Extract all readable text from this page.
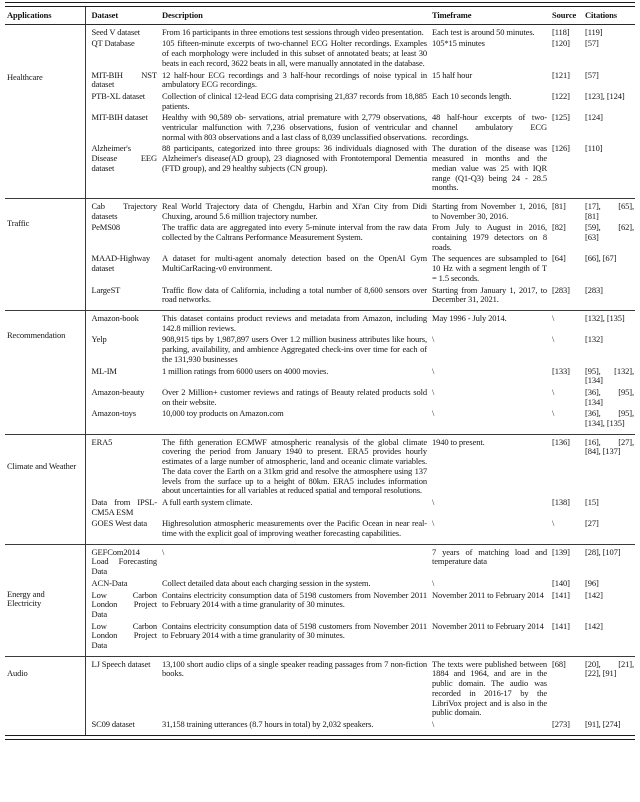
Applications	Dataset	Description	Timeframe	Source	Citations
Healthcare	Seed V dataset	From 16 participants in three emotions test sessions through video presentation.	Each test is around 50 minutes.	[118]	[119]
	QT Database	105 fifteen-minute excerpts of two-channel ECG Holter recordings. Examples of each morphology were included in this subset of annotated beats; at least 30 beats in each record, 3622 beats in all, were manually annotated in the database.	105*15 minutes	[120]	[57]
	MIT-BIH NST dataset	12 half-hour ECG recordings and 3 half-hour recordings of noise typical in ambulatory ECG recordings.	15 half hour	[121]	[57]
	PTB-XL dataset	Collection of clinical 12-lead ECG data comprising 21,837 records from 18,885 patients.	Each 10 seconds length.	[122]	[123], [124]
	MIT-BIH dataset	Healthy with 90,589 ob- servations, atrial premature with 2,779 observations, ventricular malfunction with 7,236 observations, fusion of ventricular and normal with 803 observations and a last class of 8,039 unclassified observations.	48 half-hour excerpts of two-channel ambulatory ECG recordings.	[125]	[124]
	Alzheimer's Disease EEG dataset	88 participants, categorized into three groups: 36 individuals diagnosed with Alzheimer's disease(AD group), 23 diagnosed with Frontotemporal Dementia (FTD group), and 29 healthy subjects (CN group).	The duration of the disease was measured in months and the median value was 25 with IQR range (Q1-Q3) being 24 - 28.5 months.	[126]	[110]
Traffic	Cab Trajectory datasets	Real World Trajectory data of Chengdu, Harbin and Xi'an City from Didi Chuxing, around 5.6 million trajectory number.	Starting from November 1, 2016, to November 30, 2016.	[81]	[17], [65], [81]
	PeMS08	The traffic data are aggregated into every 5-minute interval from the raw data collected by the Caltrans Performance Measurement System.	From July to August in 2016, containing 1979 detectors on 8 roads.	[82]	[59], [62], [63]
	MAAD-Highway dataset	A dataset for multi-agent anomaly detection based on the OpenAI Gym MultiCarRacing-v0 environment.	The sequences are subsampled to 10 Hz with a segment length of T = 1.5 seconds.	[64]	[66], [67]
	LargeST	Traffic flow data of California, including a total number of 8,600 sensors over road networks.	Starting from January 1, 2017, to December 31, 2021.	[283]	[283]
Recommendation	Amazon-book	This dataset contains product reviews and metadata from Amazon, including 142.8 million reviews.	May 1996 - July 2014.	\	[132], [135]
	Yelp	908,915 tips by 1,987,897 users Over 1.2 million business attributes like hours, parking, availability, and ambience Aggregated check-ins over time for each of the 131,930 businesses	\	\	[132]
	ML-IM	1 million ratings from 6000 users on 4000 movies.	\	[133]	[95], [132], [134]
	Amazon-beauty	Over 2 Million+ customer reviews and ratings of Beauty related products sold on their website.	\	\	[36], [95], [134]
	Amazon-toys	10,000 toy products on Amazon.com	\	\	[36], [95], [134], [135]
Climate and Weather	ERA5	The fifth generation ECMWF atmospheric reanalysis of the global climate covering the period from January 1940 to present. ERA5 provides hourly estimates of a large number of atmospheric, land and oceanic climate variables. The data cover the Earth on a 31km grid and resolve the atmosphere using 137 levels from the surface up to a height of 80km. ERA5 includes information about uncertainties for all variables at reduced spatial and temporal resolutions.	1940 to present.	[136]	[16], [27], [84], [137]
	Data from IPSL-CM5A ESM	A full earth system climate.	\	[138]	[15]
	GOES West data	Highresolution atmospheric measurements over the Pacific Ocean in near real-time with the explicit goal of improving weather forecasting capabilities.	\	\	[27]
Energy and Electricity	GEFCom2014 Load Forecasting Data	\	7 years of matching load and temperature data	[139]	[28], [107]
	ACN-Data	Collect detailed data about each charging session in the system.	\	[140]	[96]
	Low Carbon London Project Data	Contains electricity consumption data of 5198 customers from November 2011 to February 2014 with a time granularity of 30 minutes.	November 2011 to February 2014	[141]	[142]
	Low Carbon London Project Data	Contains electricity consumption data of 5198 customers from November 2011 to February 2014 with a time granularity of 30 minutes.	November 2011 to February 2014	[141]	[142]
Audio	LJ Speech dataset	13,100 short audio clips of a single speaker reading passages from 7 non-fiction books.	The texts were published between 1884 and 1964, and are in the public domain. The audio was recorded in 2016-17 by the LibriVox project and is also in the public domain.	[68]	[20], [21], [22], [91]
	SC09 dataset	31,158 training utterances (8.7 hours in total) by 2,032 speakers.	\	[273]	[91], [274]
